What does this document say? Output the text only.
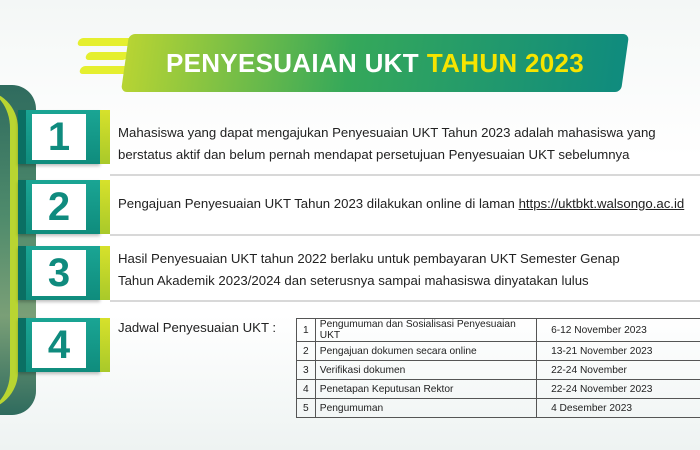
PENYESUAIAN UKT TAHUN 2023
1	Mahasiswa yang dapat mengajukan Penyesuaian UKT Tahun 2023 adalah mahasiswa yang
berstatus aktif dan belum pernah mendapat persetujuan Penyesuaian UKT sebelumnya
2	Pengajuan Penyesuaian UKT Tahun 2023 dilakukan online di laman https://uktbkt.walsongo.ac.id
3	Hasil Penyesuaian UKT tahun 2022 berlaku untuk pembayaran UKT Semester Genap
Tahun Akademik 2023/2024 dan seterusnya sampai mahasiswa dinyatakan lulus
4	Jadwal Penyesuaian UKT :	1	Pengumuman dan Sosialisasi Penyesuaian UKT	6-12 November 2023
2	Pengajuan dokumen secara online	13-21 November 2023
3	Verifikasi dokumen	22-24 November
4	Penetapan Keputusan Rektor	22-24 November 2023
5	Pengumuman	4 Desember 2023
